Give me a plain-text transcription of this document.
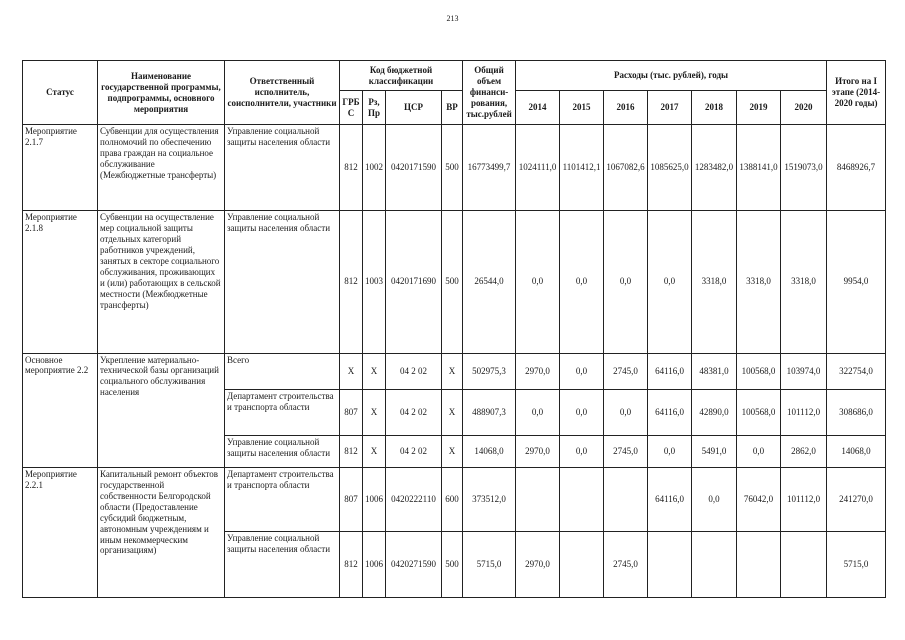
213
Статус	Наименование государственной программы, подпрограммы, основного мероприятия	Ответственный исполнитель, соисполнители, участники	Код бюджетной классификации				Общий объем финанси-рования, тыс.рублей	Расходы (тыс. рублей), годы							Итого на I этапе (2014-2020 годы)
			ГРБ С	Рз, Пр	ЦСР	ВР		2014	2015	2016	2017	2018	2019	2020	
Мероприятие 2.1.7	Субвенции для осуществления полномочий по обеспечению права граждан на социальное обслуживание (Межбюджетные трансферты)	Управление социальной защиты населения области	812	1002	0420171590	500	16773499,7	1024111,0	1101412,1	1067082,6	1085625,0	1283482,0	1388141,0	1519073,0	8468926,7
Мероприятие 2.1.8	Субвенции на осуществление мер социальной защиты отдельных категорий работников учреждений, занятых в секторе социального обслуживания, проживающих и (или) работающих в сельской местности (Межбюджетные трансферты)	Управление социальной защиты населения области	812	1003	0420171690	500	26544,0	0,0	0,0	0,0	0,0	3318,0	3318,0	3318,0	9954,0
Основное мероприятие 2.2	Укрепление материально-технической базы организаций социального обслуживания населения	Всего	Х	Х	04 2 02	Х	502975,3	2970,0	0,0	2745,0	64116,0	48381,0	100568,0	103974,0	322754,0
		Департамент строительства и транспорта области	807	Х	04 2 02	Х	488907,3	0,0	0,0	0,0	64116,0	42890,0	100568,0	101112,0	308686,0
		Управление социальной защиты населения области	812	Х	04 2 02	Х	14068,0	2970,0	0,0	2745,0	0,0	5491,0	0,0	2862,0	14068,0
Мероприятие 2.2.1	Капитальный ремонт объектов государственной собственности Белгородской области (Предоставление субсидий бюджетным, автономным учреждениям и иным некоммерческим организациям)	Департамент строительства и транспорта области	807	1006	0420222110	600	373512,0				64116,0	0,0	76042,0	101112,0	241270,0
		Управление социальной защиты населения области	812	1006	0420271590	500	5715,0	2970,0		2745,0					5715,0
